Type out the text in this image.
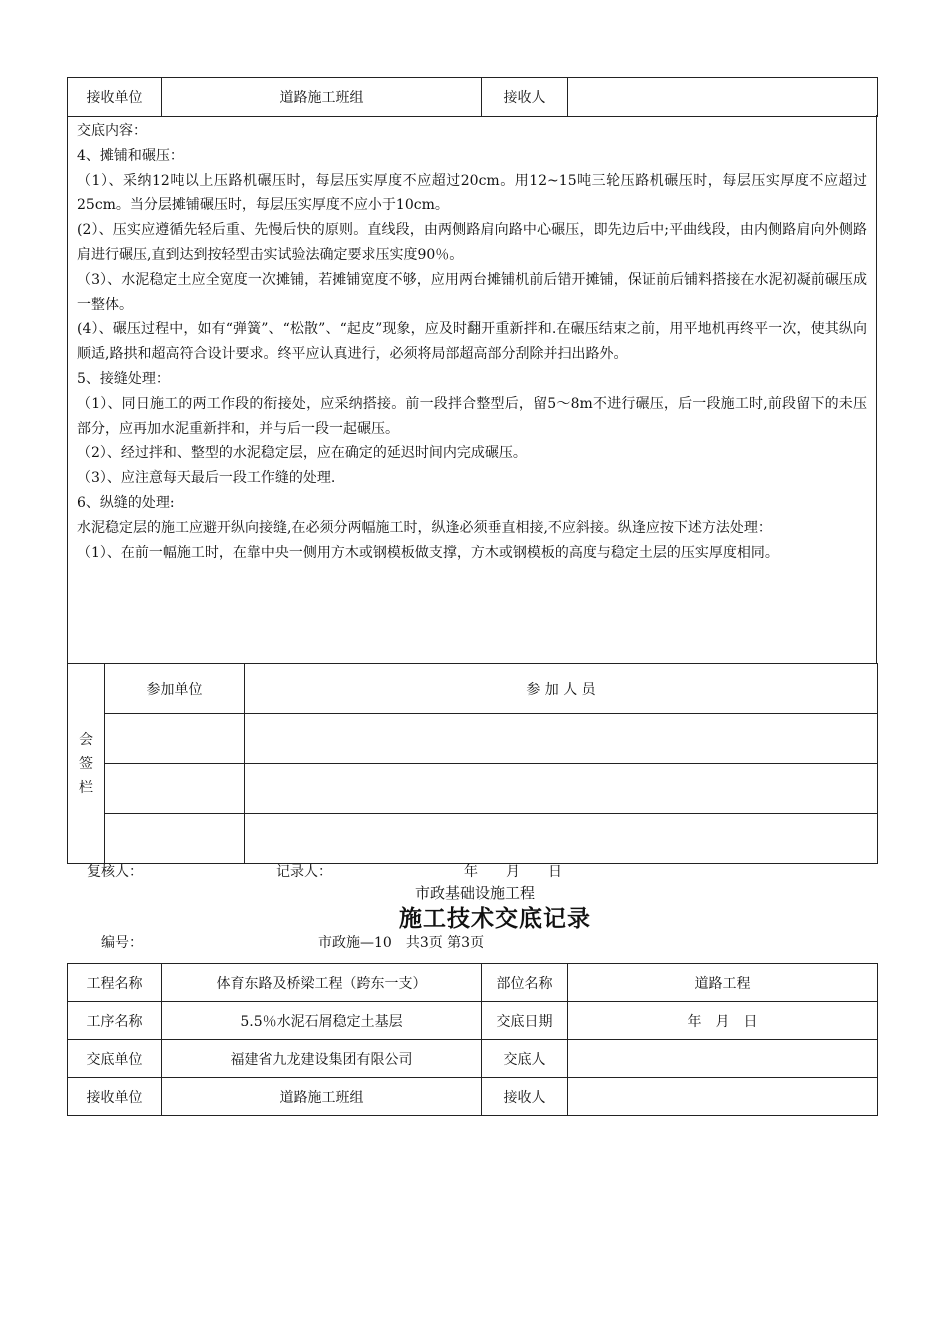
接收单位	道路施工班组	接收人	

交底内容：

4、摊铺和碾压：

（1）、采纳12吨以上压路机碾压时，每层压实厚度不应超过20cm。用12~15吨三轮压路机碾压时，每层压实厚度不应超过25cm。当分层摊铺碾压时，每层压实厚度不应小于10cm。

(2）、压实应遵循先轻后重、先慢后快的原则。直线段，由两侧路肩向路中心碾压，即先边后中;平曲线段，由内侧路肩向外侧路肩进行碾压,直到达到按轻型击实试验法确定要求压实度90％。

（3）、水泥稳定土应全宽度一次摊铺，若摊铺宽度不够，应用两台摊铺机前后错开摊铺，保证前后铺料搭接在水泥初凝前碾压成一整体。

(4）、碾压过程中，如有“弹簧”、“松散”、“起皮”现象，应及时翻开重新拌和.在碾压结束之前，用平地机再终平一次，使其纵向顺适,路拱和超高符合设计要求。终平应认真进行，必须将局部超高部分刮除并扫出路外。

5、接缝处理：

（1）、同日施工的两工作段的衔接处，应采纳搭接。前一段拌合整型后，留5～8m不进行碾压，后一段施工时,前段留下的未压部分，应再加水泥重新拌和，并与后一段一起碾压。

（2）、经过拌和、整型的水泥稳定层，应在确定的延迟时间内完成碾压。

（3）、应注意每天最后一段工作缝的处理.

6、纵缝的处理:

水泥稳定层的施工应避开纵向接缝,在必须分两幅施工时，纵逢必须垂直相接,不应斜接。纵逢应按下述方法处理：

（1）、在前一幅施工时，在靠中央一侧用方木或钢模板做支撑，方木或钢模板的高度与稳定土层的压实厚度相同。

会
签
栏	参加单位	参 加 人 员

复核人：	记录人：	年　　月　　日
市政基础设施工程
施工技术交底记录
编号：	市政施—10　共3页 第3页
工程名称	体育东路及桥梁工程（跨东一支）	部位名称	道路工程
工序名称	5.5％水泥石屑稳定土基层	交底日期	年　月　日
交底单位	福建省九龙建设集团有限公司	交底人	
接收单位	道路施工班组	接收人	
